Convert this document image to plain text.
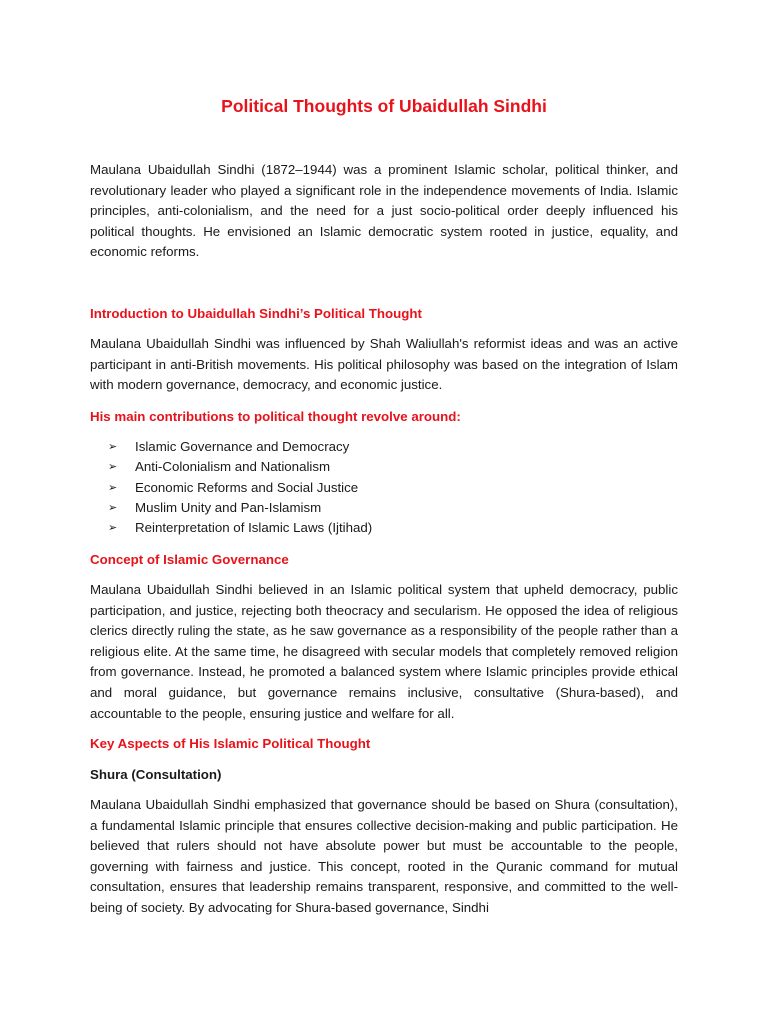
Political Thoughts of Ubaidullah Sindhi

Maulana Ubaidullah Sindhi (1872–1944) was a prominent Islamic scholar, political thinker, and revolutionary leader who played a significant role in the independence movements of India. Islamic principles, anti-colonialism, and the need for a just socio-political order deeply influenced his political thoughts. He envisioned an Islamic democratic system rooted in justice, equality, and economic reforms.

Introduction to Ubaidullah Sindhi’s Political Thought

Maulana Ubaidullah Sindhi was influenced by Shah Waliullah's reformist ideas and was an active participant in anti-British movements. His political philosophy was based on the integration of Islam with modern governance, democracy, and economic justice.

His main contributions to political thought revolve around:
➢	Islamic Governance and Democracy
➢	Anti-Colonialism and Nationalism
➢	Economic Reforms and Social Justice
➢	Muslim Unity and Pan-Islamism
➢	Reinterpretation of Islamic Laws (Ijtihad)
Concept of Islamic Governance

Maulana Ubaidullah Sindhi believed in an Islamic political system that upheld democracy, public participation, and justice, rejecting both theocracy and secularism. He opposed the idea of religious clerics directly ruling the state, as he saw governance as a responsibility of the people rather than a religious elite. At the same time, he disagreed with secular models that completely removed religion from governance. Instead, he promoted a balanced system where Islamic principles provide ethical and moral guidance, but governance remains inclusive, consultative (Shura-based), and accountable to the people, ensuring justice and welfare for all.

Key Aspects of His Islamic Political Thought
Shura (Consultation)

Maulana Ubaidullah Sindhi emphasized that governance should be based on Shura (consultation), a fundamental Islamic principle that ensures collective decision-making and public participation. He believed that rulers should not have absolute power but must be accountable to the people, governing with fairness and justice. This concept, rooted in the Quranic command for mutual consultation, ensures that leadership remains transparent, responsive, and committed to the well-being of society. By advocating for Shura-based governance, Sindhi
